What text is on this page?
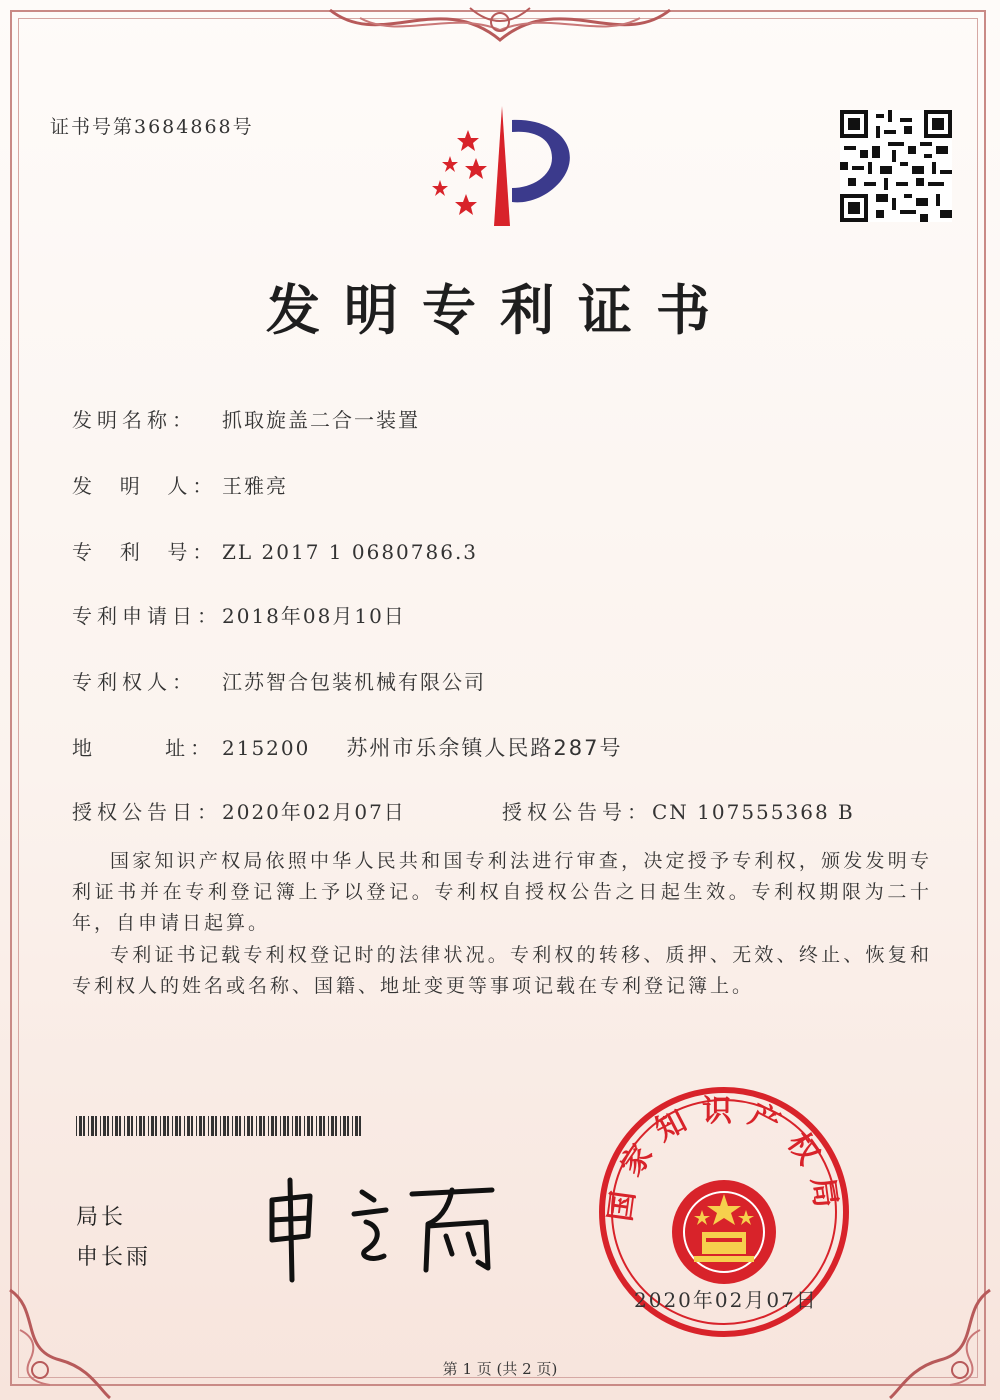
证书号第3684868号
发明专利证书
发明名称： 抓取旋盖二合一装置
发  明  人： 王雅亮
专  利  号： ZL 2017 1 0680786.3
专利申请日：2018年08月10日
专利权人： 江苏智合包装机械有限公司
地      址： 215200 苏州市乐余镇人民路287号
授权公告日：2020年02月07日	授权公告号：CN 107555368 B
国家知识产权局依照中华人民共和国专利法进行审查，决定授予专利权，颁发发明专利证书并在专利登记簿上予以登记。专利权自授权公告之日起生效。专利权期限为二十年，自申请日起算。
专利证书记载专利权登记时的法律状况。专利权的转移、质押、无效、终止、恢复和专利权人的姓名或名称、国籍、地址变更等事项记载在专利登记簿上。
局长
申长雨
国家知识产权局
2020年02月07日
第 1 页 (共 2 页)
